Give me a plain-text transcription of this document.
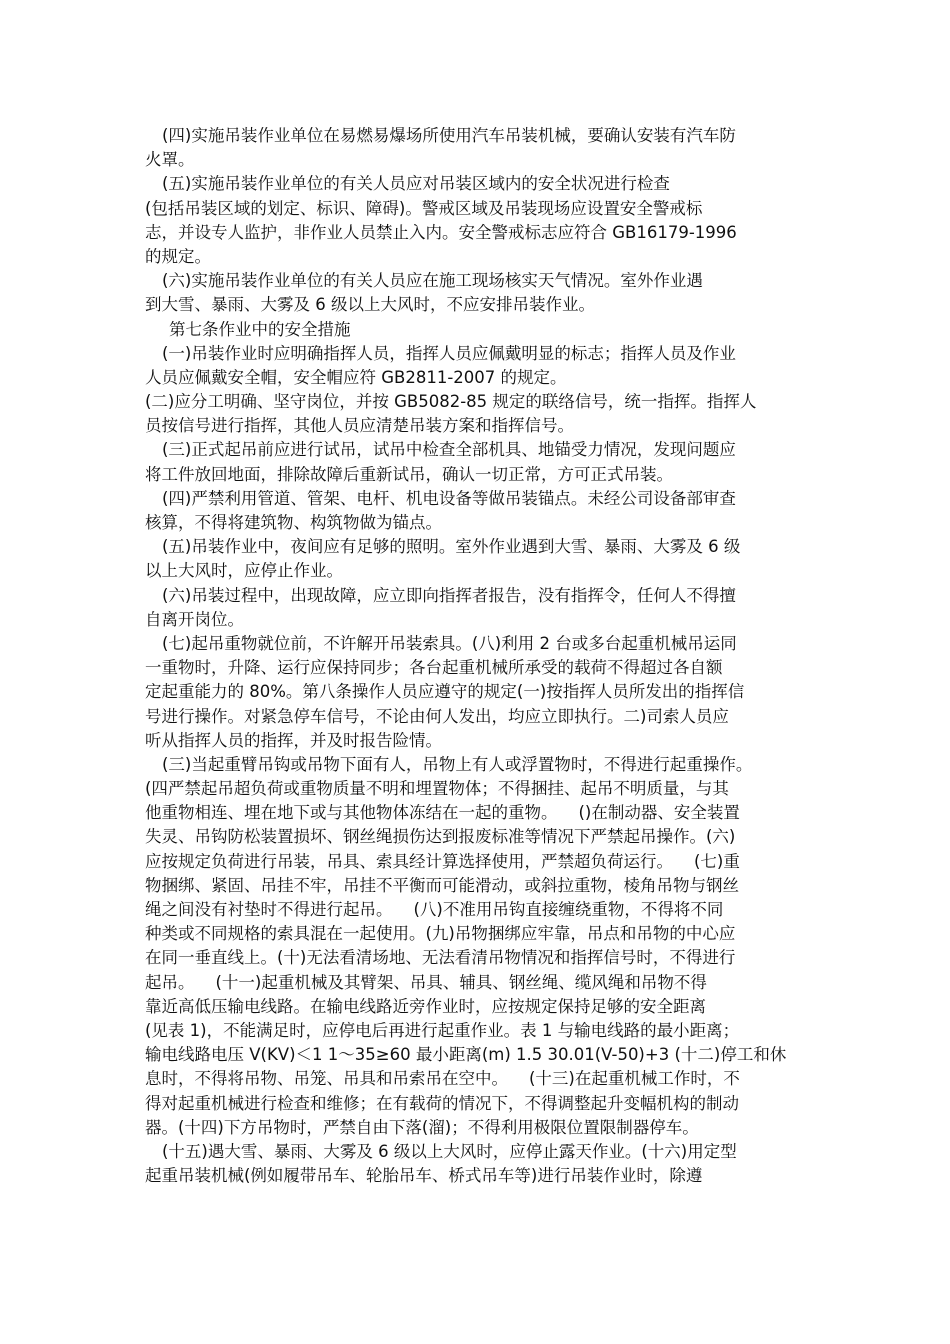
(四)实施吊装作业单位在易燃易爆场所使用汽车吊装机械，要确认安装有汽车防
火罩。
(五)实施吊装作业单位的有关人员应对吊装区域内的安全状况进行检查
(包括吊装区域的划定、标识、障碍)。警戒区域及吊装现场应设置安全警戒标
志，并设专人监护，非作业人员禁止入内。安全警戒标志应符合 GB16179-1996
的规定。
(六)实施吊装作业单位的有关人员应在施工现场核实天气情况。室外作业遇
到大雪、暴雨、大雾及 6 级以上大风时，不应安排吊装作业。
第七条作业中的安全措施
(一)吊装作业时应明确指挥人员，指挥人员应佩戴明显的标志；指挥人员及作业
人员应佩戴安全帽，安全帽应符 GB2811-2007 的规定。
(二)应分工明确、坚守岗位，并按 GB5082-85 规定的联络信号，统一指挥。指挥人
员按信号进行指挥，其他人员应清楚吊装方案和指挥信号。
(三)正式起吊前应进行试吊，试吊中检查全部机具、地锚受力情况，发现问题应
将工件放回地面，排除故障后重新试吊，确认一切正常，方可正式吊装。
(四)严禁利用管道、管架、电杆、机电设备等做吊装锚点。未经公司设备部审查
核算，不得将建筑物、构筑物做为锚点。
(五)吊装作业中，夜间应有足够的照明。室外作业遇到大雪、暴雨、大雾及 6 级
以上大风时，应停止作业。
(六)吊装过程中，出现故障，应立即向指挥者报告，没有指挥令，任何人不得擅
自离开岗位。
(七)起吊重物就位前，不许解开吊装索具。(八)利用 2 台或多台起重机械吊运同
一重物时，升降、运行应保持同步；各台起重机械所承受的载荷不得超过各自额
定起重能力的 80%。第八条操作人员应遵守的规定(一)按指挥人员所发出的指挥信
号进行操作。对紧急停车信号，不论由何人发出，均应立即执行。二)司索人员应
听从指挥人员的指挥，并及时报告险情。
(三)当起重臂吊钩或吊物下面有人，吊物上有人或浮置物时，不得进行起重操作。
(四严禁起吊超负荷或重物质量不明和埋置物体；不得捆挂、起吊不明质量，与其
他重物相连、埋在地下或与其他物体冻结在一起的重物。    ()在制动器、安全装置
失灵、吊钩防松装置损坏、钢丝绳损伤达到报废标准等情况下严禁起吊操作。(六)
应按规定负荷进行吊装，吊具、索具经计算选择使用，严禁超负荷运行。    (七)重
物捆绑、紧固、吊挂不牢，吊挂不平衡而可能滑动，或斜拉重物，棱角吊物与钢丝
绳之间没有衬垫时不得进行起吊。    (八)不准用吊钩直接缠绕重物，不得将不同
种类或不同规格的索具混在一起使用。(九)吊物捆绑应牢靠，吊点和吊物的中心应
在同一垂直线上。(十)无法看清场地、无法看清吊物情况和指挥信号时，不得进行
起吊。    (十一)起重机械及其臂架、吊具、辅具、钢丝绳、缆风绳和吊物不得
靠近高低压输电线路。在输电线路近旁作业时，应按规定保持足够的安全距离
(见表 1)，不能满足时，应停电后再进行起重作业。表 1 与输电线路的最小距离；
输电线路电压 V(KV)＜1 1～35≥60 最小距离(m) 1.5 30.01(V-50)+3 (十二)停工和休
息时，不得将吊物、吊笼、吊具和吊索吊在空中。    (十三)在起重机械工作时，不
得对起重机械进行检查和维修；在有载荷的情况下，不得调整起升变幅机构的制动
器。(十四)下方吊物时，严禁自由下落(溜)；不得利用极限位置限制器停车。
(十五)遇大雪、暴雨、大雾及 6 级以上大风时，应停止露天作业。(十六)用定型
起重吊装机械(例如履带吊车、轮胎吊车、桥式吊车等)进行吊装作业时，除遵
